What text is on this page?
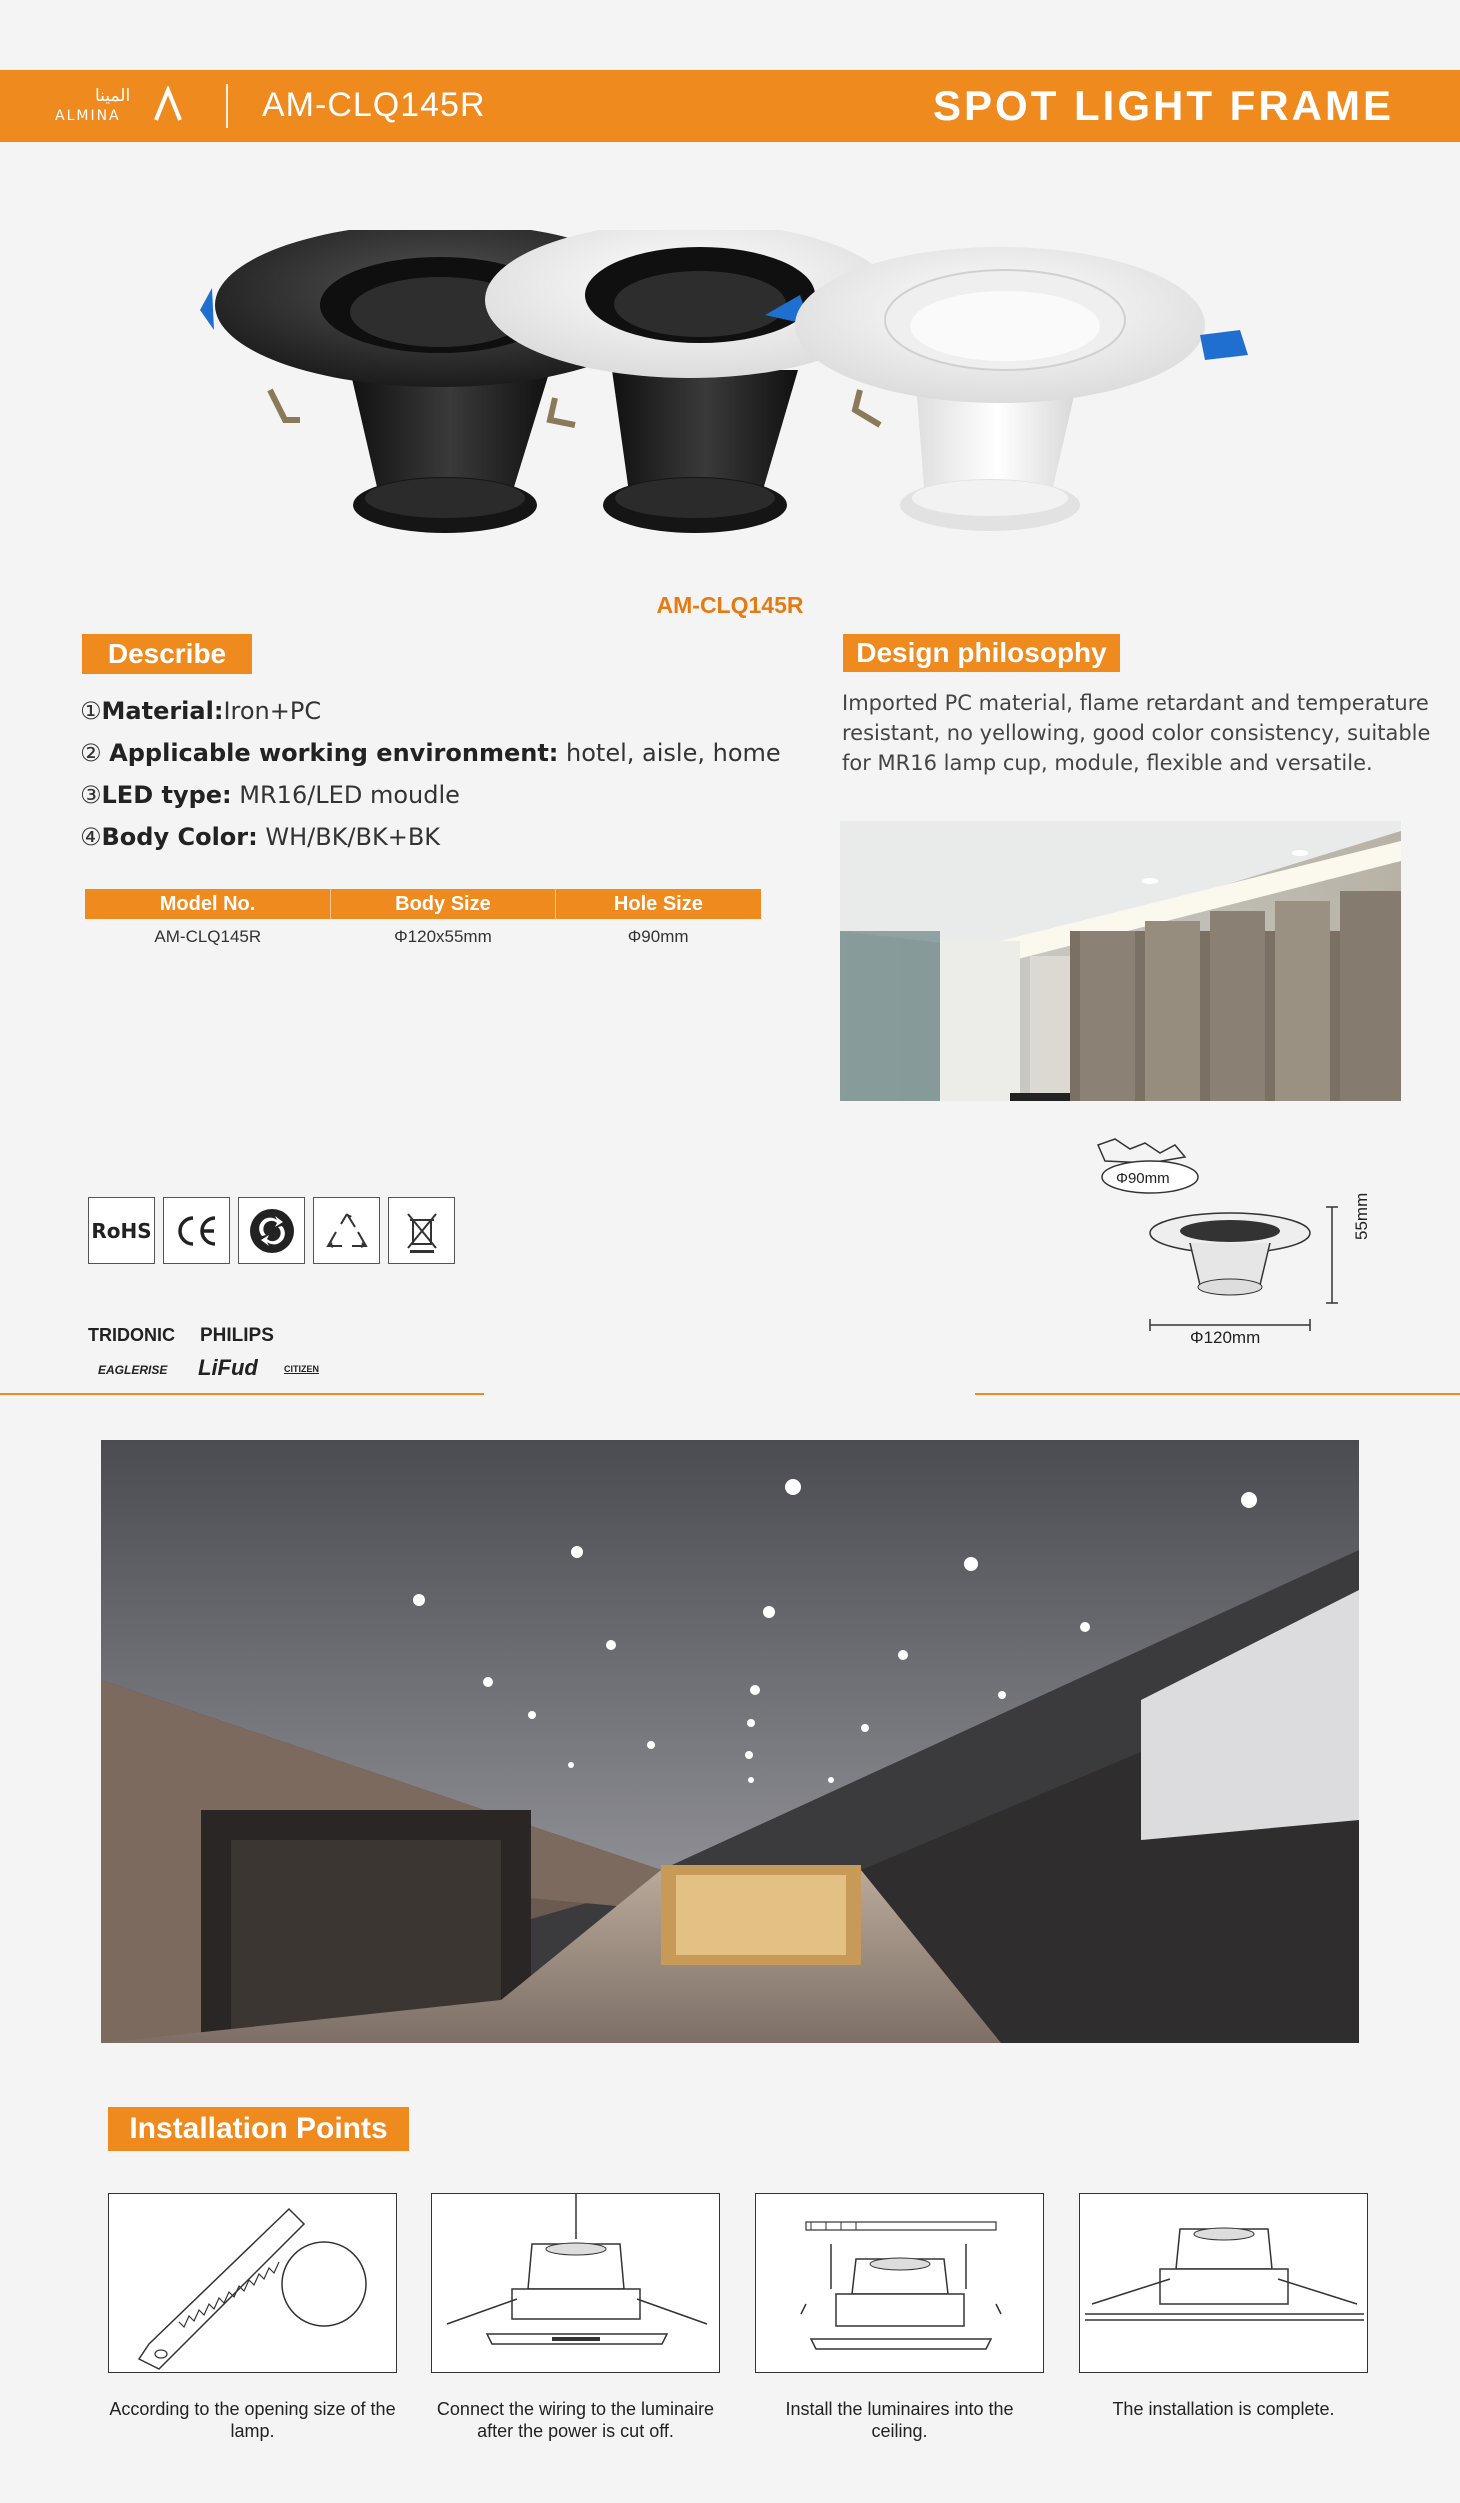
المينا
ALMINA	AM-CLQ145R	SPOT LIGHT FRAME
AM-CLQ145R
Describe
①Material:Iron+PC
② Applicable working environment: hotel, aisle, home
③LED type: MR16/LED moudle
④Body Color: WH/BK/BK+BK
Design philosophy
Imported PC material, flame retardant and temperature resistant, no yellowing, good color consistency, suitable for MR16 lamp cup, module, flexible and versatile.
Model No.	Body Size	Hole Size
AM-CLQ145R	Φ120x55mm	Φ90mm
RoHS
TRIDONIC PHILIPS
EAGLERISE LiFud	CITIZEN
Φ90mm
Φ120mm
55mm
Installation Points
According to the opening size of the lamp.
Connect the wiring to the luminaire after the power is cut off.
Install the luminaires into the ceiling.
The installation is complete.
